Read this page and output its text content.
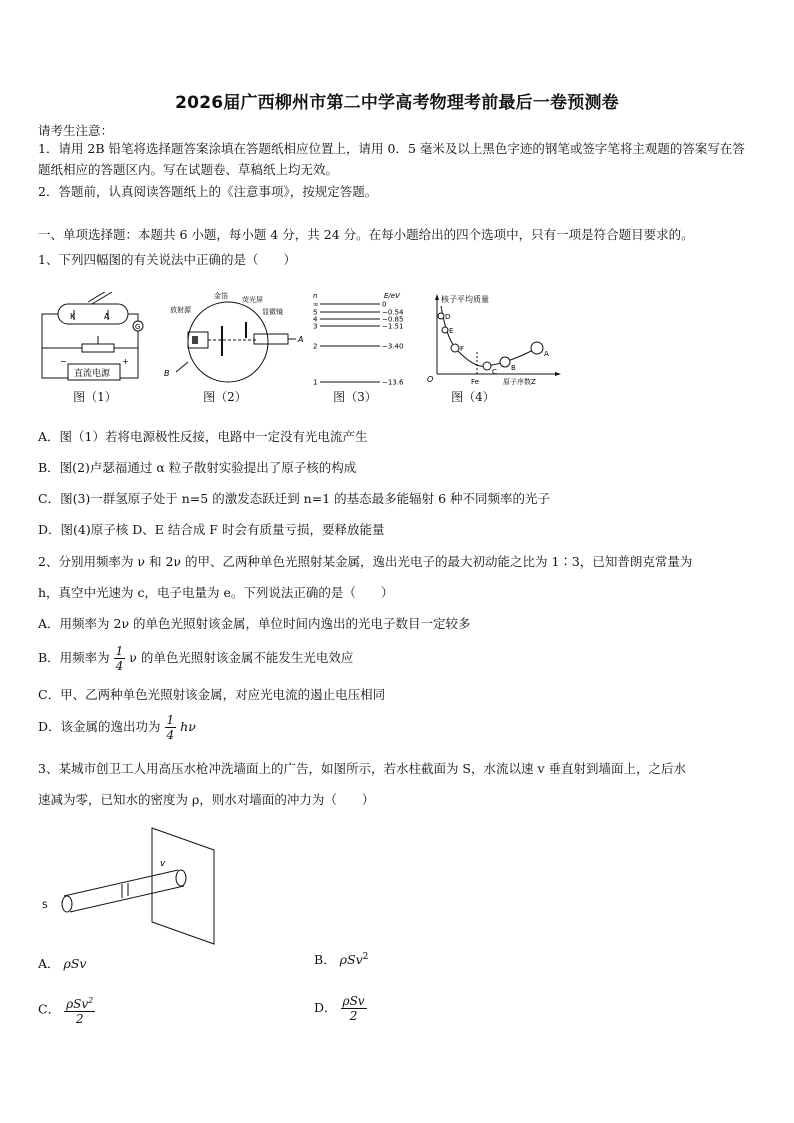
2026届广西柳州市第二中学高考物理考前最后一卷预测卷
请考生注意：
1．请用 2B 铅笔将选择题答案涂填在答题纸相应位置上，请用 0．5 毫米及以上黑色字迹的钢笔或签字笔将主观题的答案写在答题纸相应的答题区内。写在试题卷、草稿纸上均无效。
2．答题前，认真阅读答题纸上的《注意事项》，按规定答题。
一、单项选择题：本题共 6 小题，每小题 4 分，共 24 分。在每小题给出的四个选项中，只有一项是符合题目要求的。
1、下列四幅图的有关说法中正确的是（　　）
K	A
G
直流电源
+
−
图（1）
金箔
放射源
荧光屏
显微镜
A
B
图（2）
n	E/eV
∞	0
5	−0.54
4	−0.85
3	−1.51
2	−3.40
1	−13.6
图（3）
核子平均质量
原子序数Z
O	Fe
D
E
F
C B
A
图（4）
A．图（1）若将电源极性反接，电路中一定没有光电流产生
B．图(2)卢瑟福通过 α 粒子散射实验提出了原子核的构成
C．图(3)一群氢原子处于 n=5 的激发态跃迁到 n=1 的基态最多能辐射 6 种不同频率的光子
D．图(4)原子核 D、E 结合成 F 时会有质量亏损，要释放能量
2、分别用频率为 ν 和 2ν 的甲、乙两种单色光照射某金属，逸出光电子的最大初动能之比为 1∶3，已知普朗克常量为
h，真空中光速为 c，电子电量为 e。下列说法正确的是（　　）
A．用频率为 2ν 的单色光照射该金属，单位时间内逸出的光电子数目一定较多
B．用频率为 $\frac{1}{4}$ ν 的单色光照射该金属不能发生光电效应
C．甲、乙两种单色光照射该金属，对应光电流的遏止电压相同
D．该金属的逸出功为 $\frac{1}{4}$ hν
3、某城市创卫工人用高压水枪冲洗墙面上的广告，如图所示，若水柱截面为 S，水流以速 v 垂直射到墙面上，之后水
速减为零，已知水的密度为 ρ，则水对墙面的冲力为（　　）
v
S
A． ρSv	B． ρSv$^2$
C． $\frac{\rho Sv^2}{2}$	D． $\frac{\text{ρSv}}{2}$
